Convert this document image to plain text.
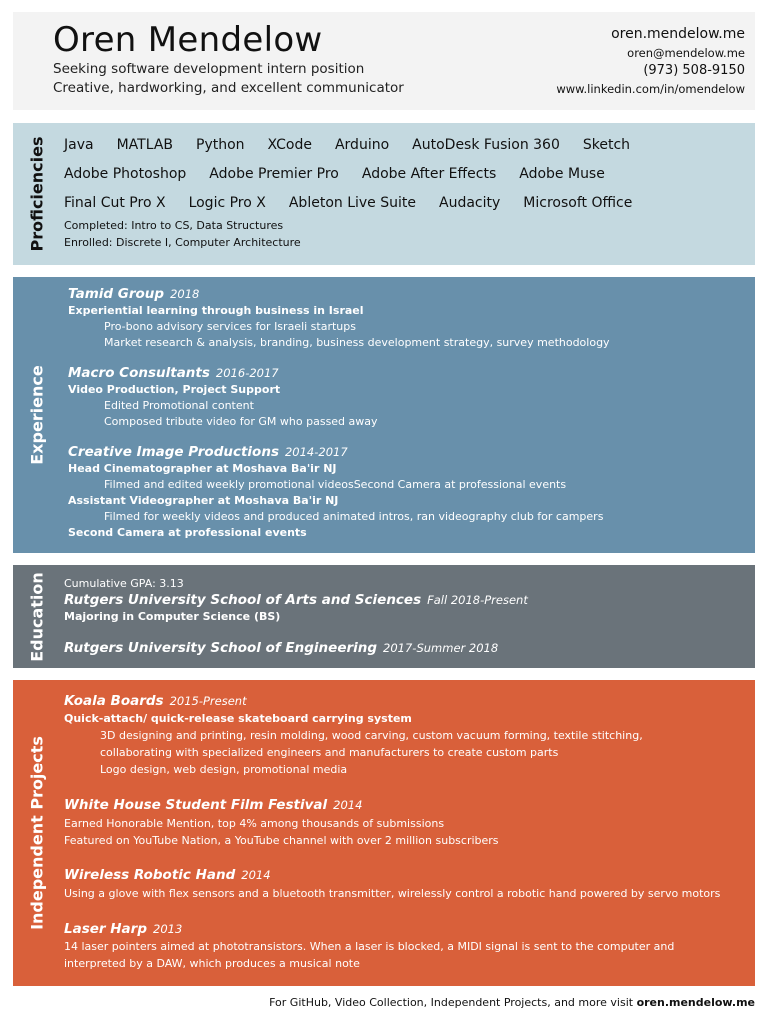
Oren Mendelow
Seeking software development intern position
Creative, hardworking, and excellent communicator
oren.mendelow.me
oren@mendelow.me
(973) 508-9150
www.linkedin.com/in/omendelow
Proficiencies Java MATLAB Python XCode Arduino AutoDesk Fusion 360 Sketch
Adobe Photoshop Adobe Premier Pro Adobe After Effects Adobe Muse
Final Cut Pro X Logic Pro X Ableton Live Suite Audacity Microsoft Office
Completed: Intro to CS, Data Structures
Enrolled: Discrete I, Computer Architecture
Experience
Tamid Group 2018
Experiential learning through business in Israel
Pro-bono advisory services for Israeli startups
Market research & analysis, branding, business development strategy, survey methodology
Macro Consultants 2016-2017
Video Production, Project Support
Edited Promotional content
Composed tribute video for GM who passed away
Creative Image Productions 2014-2017
Head Cinematographer at Moshava Ba'ir NJ
Filmed and edited weekly promotional videosSecond Camera at professional events
Assistant Videographer at Moshava Ba'ir NJ
Filmed for weekly videos and produced animated intros, ran videography club for campers
Second Camera at professional events
Education Cumulative GPA: 3.13
Rutgers University School of Arts and Sciences Fall 2018-Present
Majoring in Computer Science (BS)
Rutgers University School of Engineering 2017-Summer 2018
Independent Projects
Koala Boards 2015-Present
Quick-attach/ quick-release skateboard carrying system
3D designing and printing, resin molding, wood carving, custom vacuum forming, textile stitching,
collaborating with specialized engineers and manufacturers to create custom parts
Logo design, web design, promotional media
White House Student Film Festival 2014
Earned Honorable Mention, top 4% among thousands of submissions
Featured on YouTube Nation, a YouTube channel with over 2 million subscribers
Wireless Robotic Hand 2014
Using a glove with flex sensors and a bluetooth transmitter, wirelessly control a robotic hand powered by servo motors
Laser Harp 2013
14 laser pointers aimed at phototransistors. When a laser is blocked, a MIDI signal is sent to the computer and
interpreted by a DAW, which produces a musical note
For GitHub, Video Collection, Independent Projects, and more visit oren.mendelow.me
